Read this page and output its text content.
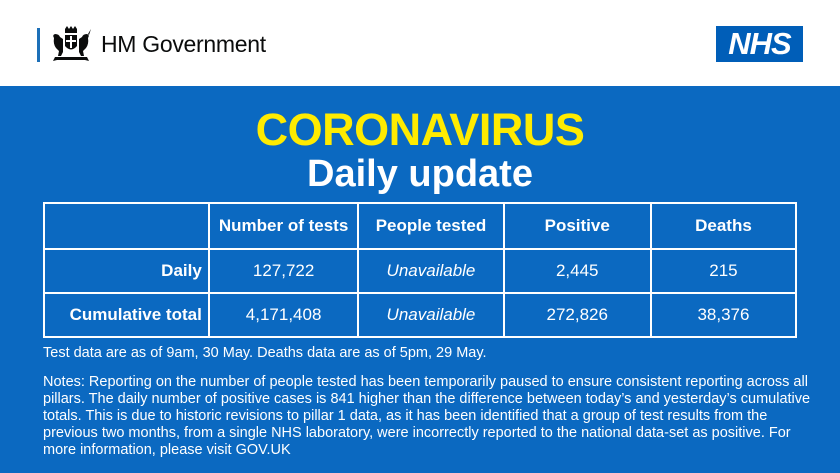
HM Government	NHS
CORONAVIRUS
Daily update
	Number of tests	People tested	Positive	Deaths
Daily	127,722	Unavailable	2,445	215
Cumulative total	4,171,408	Unavailable	272,826	38,376
Test data are as of 9am, 30 May. Deaths data are as of 5pm, 29 May.
Notes: Reporting on the number of people tested has been temporarily paused to ensure consistent reporting across all pillars. The daily number of positive cases is 841 higher than the difference between today’s and yesterday’s cumulative totals. This is due to historic revisions to pillar 1 data, as it has been identified that a group of test results from the previous two months, from a single NHS laboratory, were incorrectly reported to the national data-set as positive. For more information, please visit GOV.UK
